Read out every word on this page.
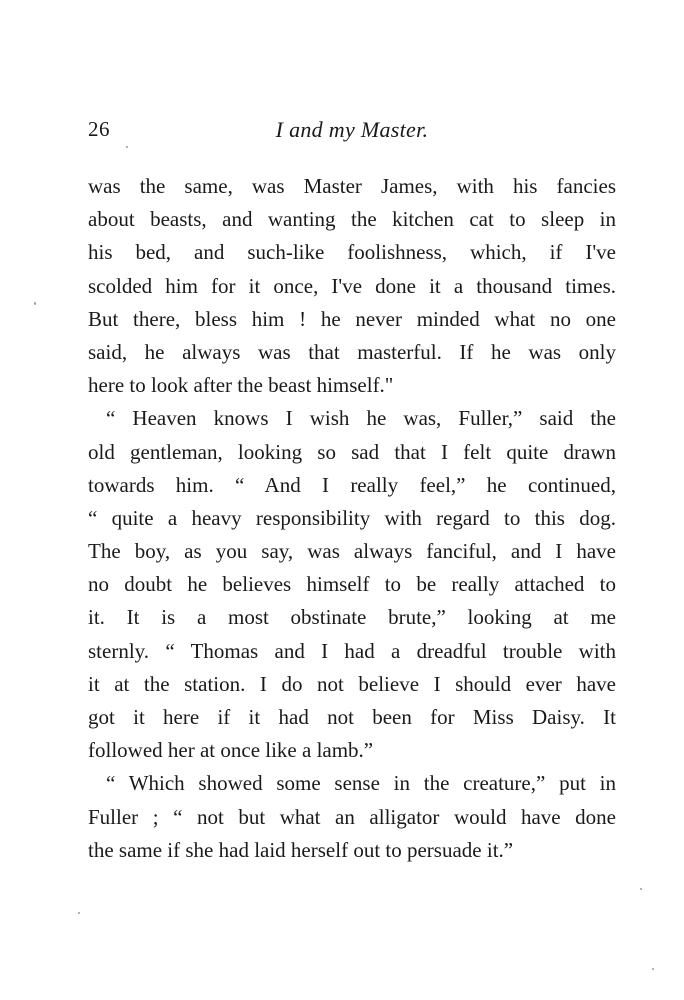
26	I and my Master.
was the same, was Master James, with his fancies
about beasts, and wanting the kitchen cat to sleep in
his bed, and such-like foolishness, which, if I've
scolded him for it once, I've done it a thousand times.
But there, bless him ! he never minded what no one
said, he always was that masterful. If he was only
here to look after the beast himself."
“ Heaven knows I wish he was, Fuller,” said the
old gentleman, looking so sad that I felt quite drawn
towards him. “ And I really feel,” he continued,
“ quite a heavy responsibility with regard to this dog.
The boy, as you say, was always fanciful, and I have
no doubt he believes himself to be really attached to
it. It is a most obstinate brute,” looking at me
sternly. “ Thomas and I had a dreadful trouble with
it at the station. I do not believe I should ever have
got it here if it had not been for Miss Daisy. It
followed her at once like a lamb.”
“ Which showed some sense in the creature,” put in
Fuller ; “ not but what an alligator would have done
the same if she had laid herself out to persuade it.”
